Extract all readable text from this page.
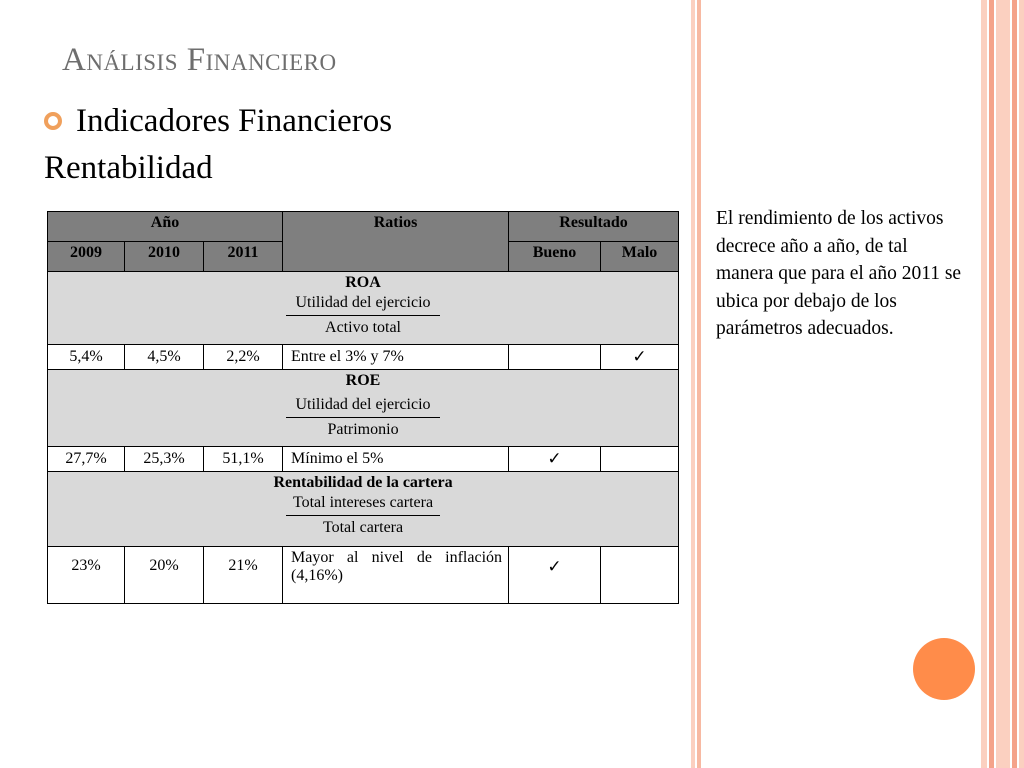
Análisis Financiero
Indicadores Financieros
Rentabilidad
Año			Ratios	Resultado	
2009	2010	2011		Bueno	Malo

ROA
Utilidad del ejercicio
Activo total					

5,4%	4,5%	2,2%	Entre el 3% y 7%		✓

ROE
Utilidad del ejercicio
Patrimonio					

27,7%	25,3%	51,1%	Mínimo el 5%	✓	

Rentabilidad de la cartera
Total intereses cartera
Total cartera					

23%	20%	21%	Mayor al nivel de inflación (4,16%)	✓	

El rendimiento de los activos decrece año a año, de tal manera que para el año 2011 se ubica por debajo de los parámetros adecuados.
